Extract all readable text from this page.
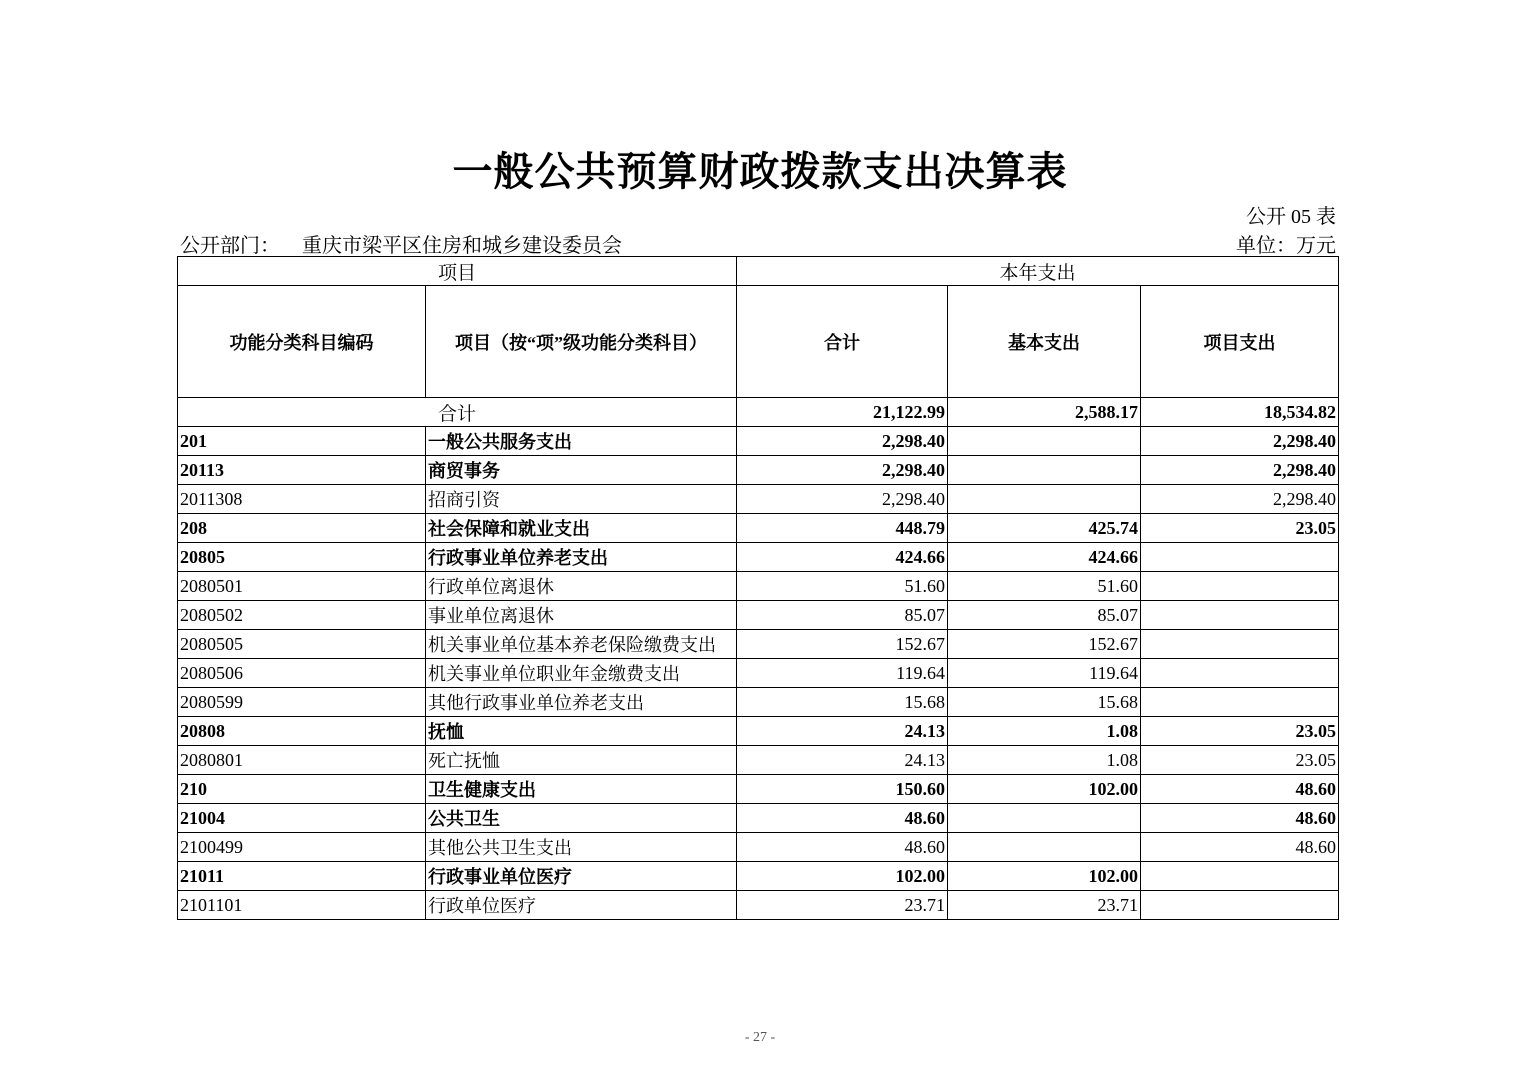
一般公共预算财政拨款支出决算表
公开 05 表
公开部门： 重庆市梁平区住房和城乡建设委员会	单位：万元
项目		本年支出		
功能分类科目编码	项目（按“项”级功能分类科目）	合计	基本支出	项目支出
合计		21,122.99	2,588.17	18,534.82
201	一般公共服务支出	2,298.40		2,298.40
20113	商贸事务	2,298.40		2,298.40
2011308	招商引资	2,298.40		2,298.40
208	社会保障和就业支出	448.79	425.74	23.05
20805	行政事业单位养老支出	424.66	424.66	
2080501	行政单位离退休	51.60	51.60	
2080502	事业单位离退休	85.07	85.07	
2080505	机关事业单位基本养老保险缴费支出	152.67	152.67	
2080506	机关事业单位职业年金缴费支出	119.64	119.64	
2080599	其他行政事业单位养老支出	15.68	15.68	
20808	抚恤	24.13	1.08	23.05
2080801	死亡抚恤	24.13	1.08	23.05
210	卫生健康支出	150.60	102.00	48.60
21004	公共卫生	48.60		48.60
2100499	其他公共卫生支出	48.60		48.60
21011	行政事业单位医疗	102.00	102.00	
2101101	行政单位医疗	23.71	23.71	
- 27 -
